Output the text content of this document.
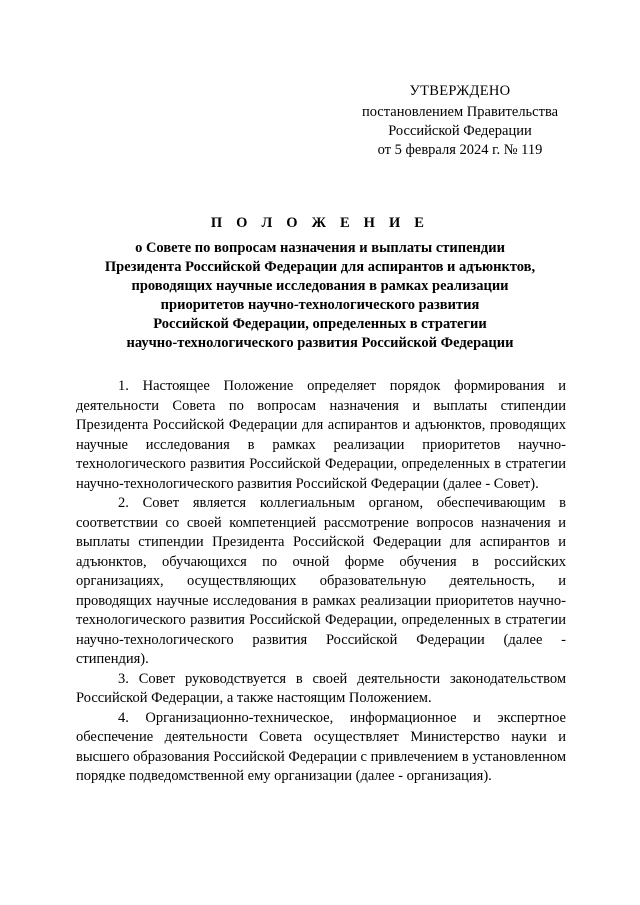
УТВЕРЖДЕНО
постановлением Правительства
Российской Федерации
от 5 февраля 2024 г. № 119
П О Л О Ж Е Н И Е
о Совете по вопросам назначения и выплаты стипендии
Президента Российской Федерации для аспирантов и адъюнктов,
проводящих научные исследования в рамках реализации
приоритетов научно-технологического развития
Российской Федерации, определенных в стратегии
научно-технологического развития Российской Федерации

1. Настоящее Положение определяет порядок формирования и деятельности Совета по вопросам назначения и выплаты стипендии Президента Российской Федерации для аспирантов и адъюнктов, проводящих научные исследования в рамках реализации приоритетов научно-технологического развития Российской Федерации, определенных в стратегии научно-технологического развития Российской Федерации (далее - Совет).

2. Совет является коллегиальным органом, обеспечивающим в соответствии со своей компетенцией рассмотрение вопросов назначения и выплаты стипендии Президента Российской Федерации для аспирантов и адъюнктов, обучающихся по очной форме обучения в российских организациях, осуществляющих образовательную деятельность, и проводящих научные исследования в рамках реализации приоритетов научно-технологического развития Российской Федерации, определенных в стратегии научно-технологического развития Российской Федерации (далее - стипендия).

3. Совет руководствуется в своей деятельности законодательством Российской Федерации, а также настоящим Положением.

4. Организационно-техническое, информационное и экспертное обеспечение деятельности Совета осуществляет Министерство науки и высшего образования Российской Федерации с привлечением в установленном порядке подведомственной ему организации (далее - организация).
